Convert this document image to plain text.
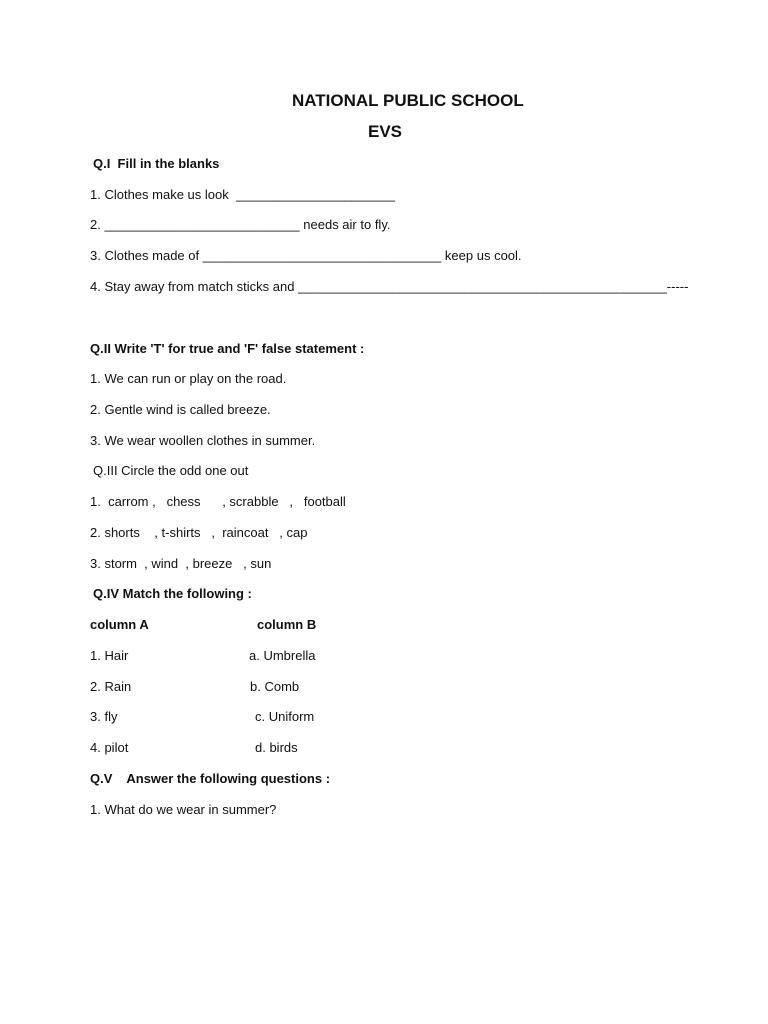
NATIONAL PUBLIC SCHOOL
EVS
Q.I  Fill in the blanks
1. Clothes make us look  ______________________
2. ___________________________ needs air to fly.
3. Clothes made of _________________________________ keep us cool.
4. Stay away from match sticks and ___________________________________________________-----
Q.II Write 'T' for true and 'F' false statement :
1. We can run or play on the road.
2. Gentle wind is called breeze.
3. We wear woollen clothes in summer.
Q.III Circle the odd one out
1.  carrom ,   chess      , scrabble   ,   football
2. shorts    , t-shirts   ,  raincoat   , cap
3. storm  , wind  , breeze   , sun
Q.IV Match the following :
column A	column B
1. Hair	a. Umbrella
2. Rain	b. Comb
3. fly	c. Uniform
4. pilot	d. birds
Q.V    Answer the following questions :
1. What do we wear in summer?
